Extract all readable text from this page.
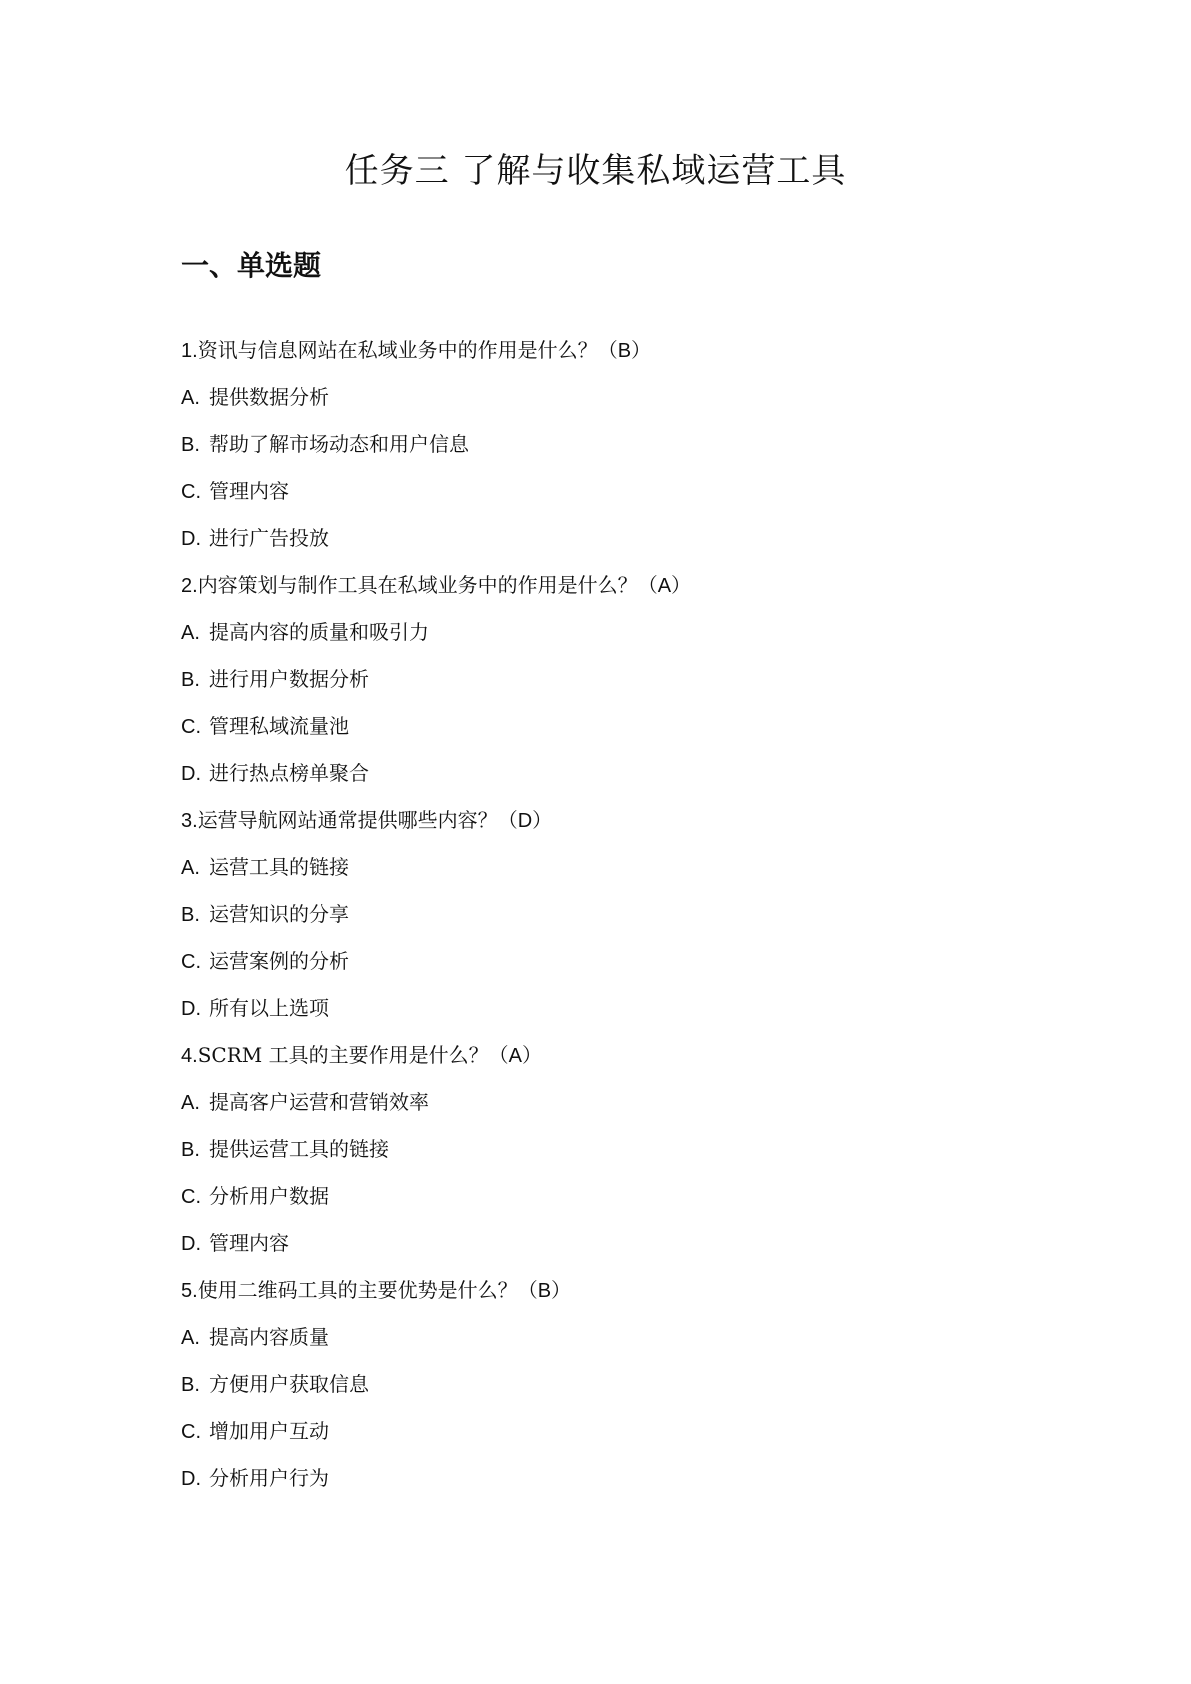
任务三 了解与收集私域运营工具
一、单选题
1.资讯与信息网站在私域业务中的作用是什么？（B）
A. 提供数据分析
B. 帮助了解市场动态和用户信息
C. 管理内容
D. 进行广告投放
2.内容策划与制作工具在私域业务中的作用是什么？（A）
A. 提高内容的质量和吸引力
B. 进行用户数据分析
C. 管理私域流量池
D. 进行热点榜单聚合
3.运营导航网站通常提供哪些内容？（D）
A. 运营工具的链接
B. 运营知识的分享
C. 运营案例的分析
D. 所有以上选项
4.SCRM 工具的主要作用是什么？（A）
A. 提高客户运营和营销效率
B. 提供运营工具的链接
C. 分析用户数据
D. 管理内容
5.使用二维码工具的主要优势是什么？（B）
A. 提高内容质量
B. 方便用户获取信息
C. 增加用户互动
D. 分析用户行为
